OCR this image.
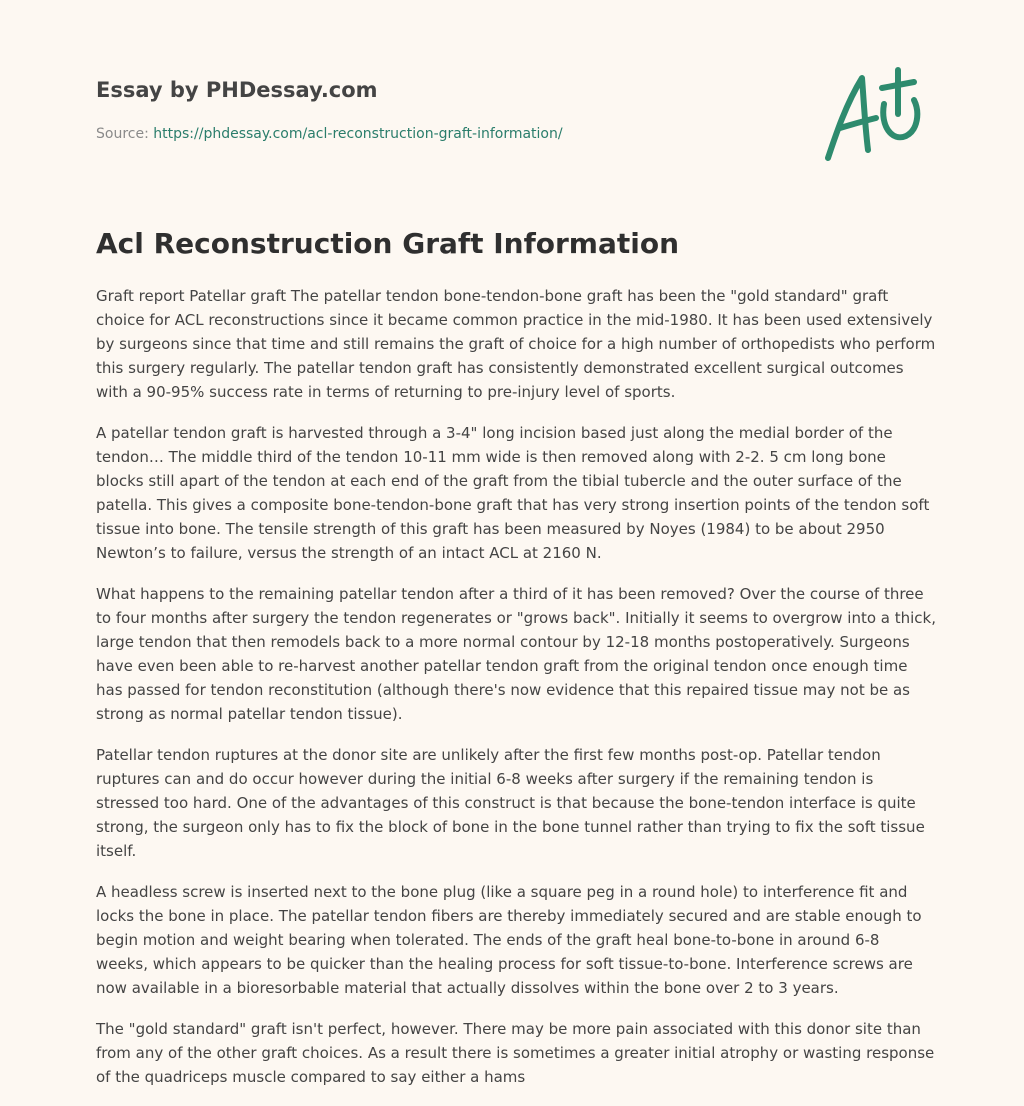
Essay by PHDessay.com
Source: https://phdessay.com/acl-reconstruction-graft-information/
Acl Reconstruction Graft Information

Graft report Patellar graft The patellar tendon bone-tendon-bone graft has been the "gold standard" graft choice for ACL reconstructions since it became common practice in the mid-1980. It has been used extensively by surgeons since that time and still remains the graft of choice for a high number of orthopedists who perform this surgery regularly. The patellar tendon graft has consistently demonstrated excellent surgical outcomes with a 90-95% success rate in terms of returning to pre-injury level of sports.

A patellar tendon graft is harvested through a 3-4" long incision based just along the medial border of the tendon… The middle third of the tendon 10-11 mm wide is then removed along with 2-2. 5 cm long bone blocks still apart of the tendon at each end of the graft from the tibial tubercle and the outer surface of the patella. This gives a composite bone-tendon-bone graft that has very strong insertion points of the tendon soft tissue into bone. The tensile strength of this graft has been measured by Noyes (1984) to be about 2950 Newton’s to failure, versus the strength of an intact ACL at 2160 N.

What happens to the remaining patellar tendon after a third of it has been removed? Over the course of three to four months after surgery the tendon regenerates or "grows back". Initially it seems to overgrow into a thick, large tendon that then remodels back to a more normal contour by 12-18 months postoperatively. Surgeons have even been able to re-harvest another patellar tendon graft from the original tendon once enough time has passed for tendon reconstitution (although there's now evidence that this repaired tissue may not be as strong as normal patellar tendon tissue).

Patellar tendon ruptures at the donor site are unlikely after the first few months post-op. Patellar tendon ruptures can and do occur however during the initial 6-8 weeks after surgery if the remaining tendon is stressed too hard. One of the advantages of this construct is that because the bone-tendon interface is quite strong, the surgeon only has to fix the block of bone in the bone tunnel rather than trying to fix the soft tissue itself.

A headless screw is inserted next to the bone plug (like a square peg in a round hole) to interference fit and locks the bone in place. The patellar tendon fibers are thereby immediately secured and are stable enough to begin motion and weight bearing when tolerated. The ends of the graft heal bone-to-bone in around 6-8 weeks, which appears to be quicker than the healing process for soft tissue-to-bone. Interference screws are now available in a bioresorbable material that actually dissolves within the bone over 2 to 3 years.

The "gold standard" graft isn't perfect, however. There may be more pain associated with this donor site than from any of the other graft choices. As a result there is sometimes a greater initial atrophy or wasting response of the quadriceps muscle compared to say either a hams
